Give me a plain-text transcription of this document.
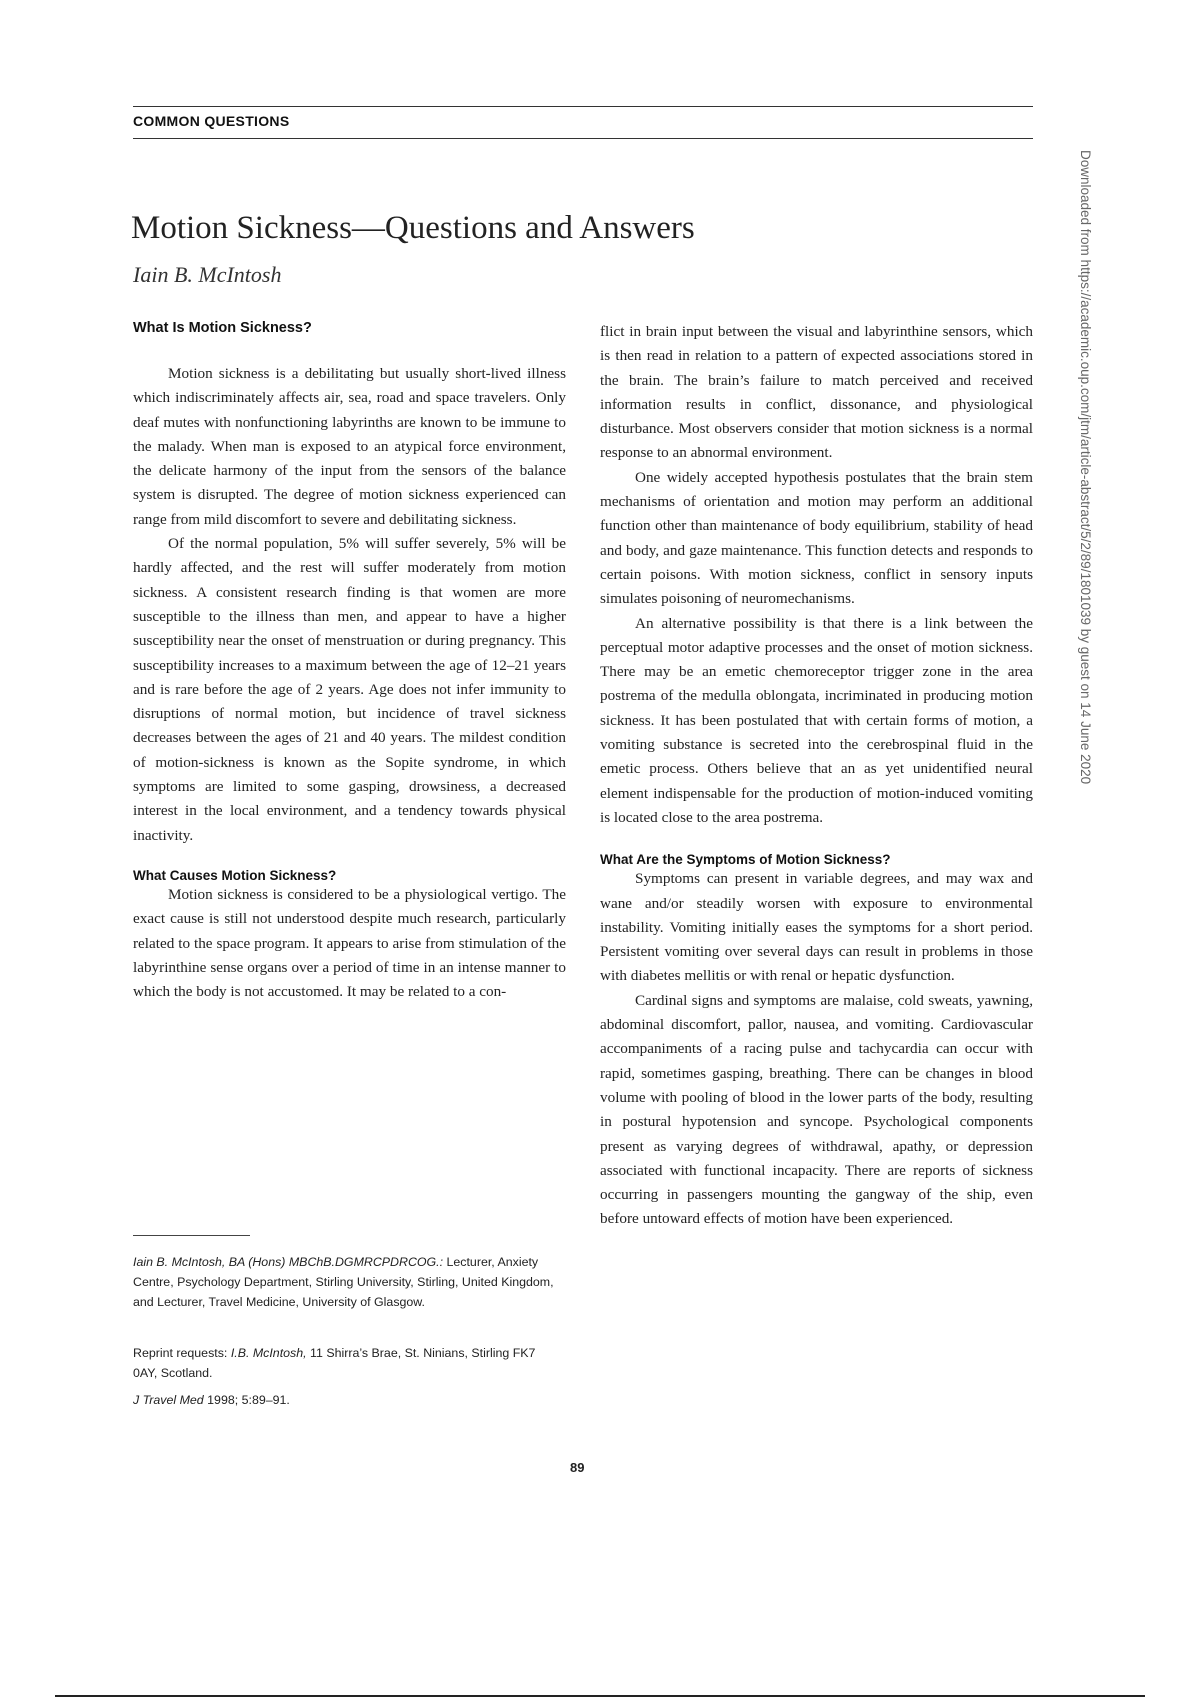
COMMON QUESTIONS
Motion Sickness—Questions and Answers
Iain B. McIntosh
What Is Motion Sickness?

Motion sickness is a debilitating but usually short-lived illness which indiscriminately affects air, sea, road and space travelers. Only deaf mutes with nonfunctioning labyrinths are known to be immune to the malady. When man is exposed to an atypical force environment, the delicate harmony of the input from the sensors of the balance system is disrupted. The degree of motion sickness experienced can range from mild discomfort to severe and debilitating sickness.

Of the normal population, 5% will suffer severely, 5% will be hardly affected, and the rest will suffer moderately from motion sickness. A consistent research finding is that women are more susceptible to the illness than men, and appear to have a higher susceptibility near the onset of menstruation or during pregnancy. This susceptibility increases to a maximum between the age of 12–21 years and is rare before the age of 2 years. Age does not infer immunity to disruptions of normal motion, but incidence of travel sickness decreases between the ages of 21 and 40 years. The mildest condition of motion-sickness is known as the Sopite syndrome, in which symptoms are limited to some gasping, drowsiness, a decreased interest in the local environment, and a tendency towards physical inactivity.

What Causes Motion Sickness?

Motion sickness is considered to be a physiological vertigo. The exact cause is still not understood despite much research, particularly related to the space program. It appears to arise from stimulation of the labyrinthine sense organs over a period of time in an intense manner to which the body is not accustomed. It may be related to a con-

flict in brain input between the visual and labyrinthine sensors, which is then read in relation to a pattern of expected associations stored in the brain. The brain’s failure to match perceived and received information results in conflict, dissonance, and physiological disturbance. Most observers consider that motion sickness is a normal response to an abnormal environment.

One widely accepted hypothesis postulates that the brain stem mechanisms of orientation and motion may perform an additional function other than maintenance of body equilibrium, stability of head and body, and gaze maintenance. This function detects and responds to certain poisons. With motion sickness, conflict in sensory inputs simulates poisoning of neuromechanisms.

An alternative possibility is that there is a link between the perceptual motor adaptive processes and the onset of motion sickness. There may be an emetic chemoreceptor trigger zone in the area postrema of the medulla oblongata, incriminated in producing motion sickness. It has been postulated that with certain forms of motion, a vomiting substance is secreted into the cerebrospinal fluid in the emetic process. Others believe that an as yet unidentified neural element indispensable for the production of motion-induced vomiting is located close to the area postrema.

What Are the Symptoms of Motion Sickness?

Symptoms can present in variable degrees, and may wax and wane and/or steadily worsen with exposure to environmental instability. Vomiting initially eases the symptoms for a short period. Persistent vomiting over several days can result in problems in those with diabetes mellitis or with renal or hepatic dysfunction.

Cardinal signs and symptoms are malaise, cold sweats, yawning, abdominal discomfort, pallor, nausea, and vomiting. Cardiovascular accompaniments of a racing pulse and tachycardia can occur with rapid, sometimes gasping, breathing. There can be changes in blood volume with pooling of blood in the lower parts of the body, resulting in postural hypotension and syncope. Psychological components present as varying degrees of withdrawal, apathy, or depression associated with functional incapacity. There are reports of sickness occurring in passengers mounting the gangway of the ship, even before untoward effects of motion have been experienced.

Iain B. McIntosh, BA (Hons) MBChB.DGMRCPDRCOG.: Lecturer, Anxiety Centre, Psychology Department, Stirling University, Stirling, United Kingdom, and Lecturer, Travel Medicine, University of Glasgow.
Reprint requests: I.B. McIntosh, 11 Shirra’s Brae, St. Ninians, Stirling FK7 0AY, Scotland.
J Travel Med 1998; 5:89–91.
89
Downloaded from https://academic.oup.com/jtm/article-abstract/5/2/89/1801039 by guest on 14 June 2020
